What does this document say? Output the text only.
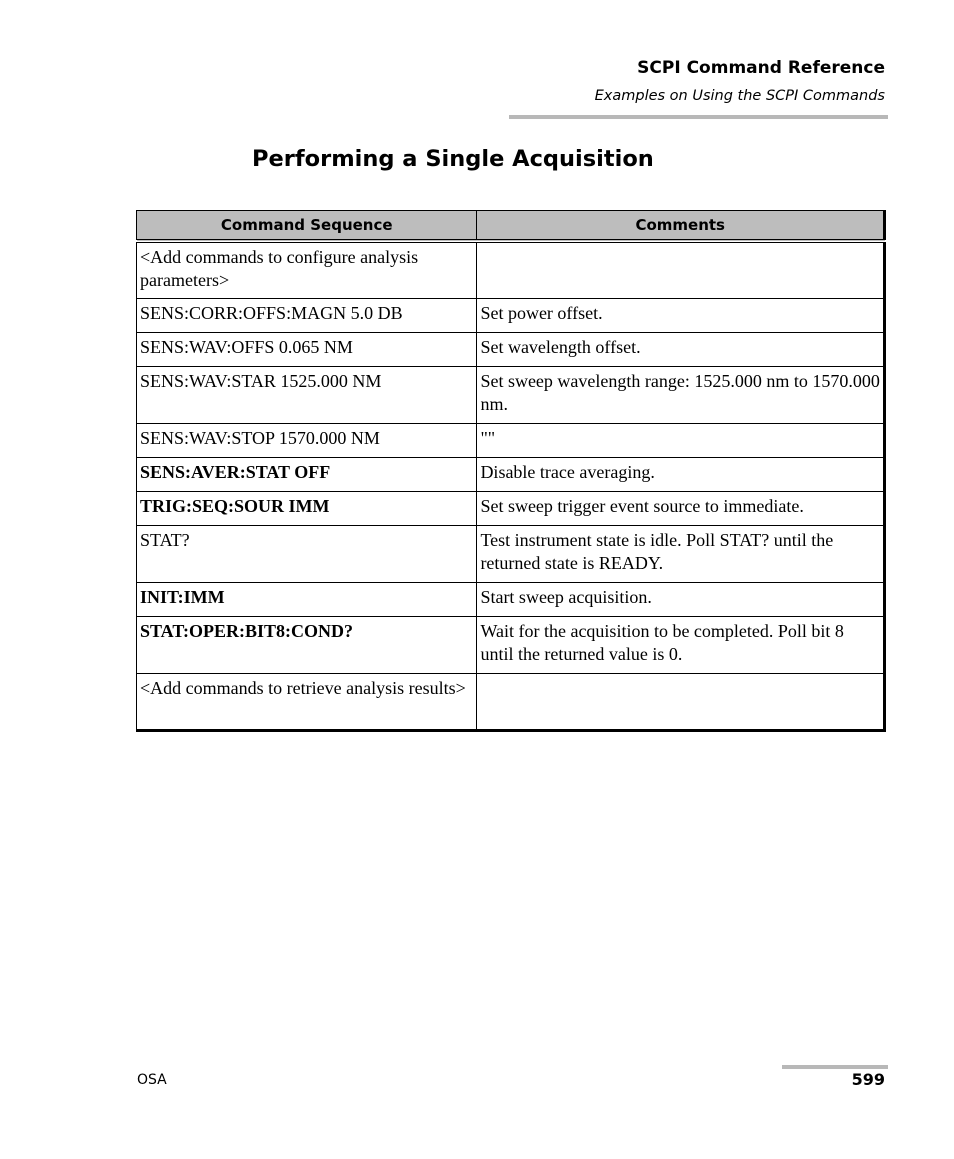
SCPI Command Reference
Examples on Using the SCPI Commands
Performing a Single Acquisition
Command Sequence	Comments
<Add commands to configure analysis parameters>	
SENS:CORR:OFFS:MAGN 5.0 DB	Set power offset.
SENS:WAV:OFFS 0.065 NM	Set wavelength offset.
SENS:WAV:STAR 1525.000 NM	Set sweep wavelength range: 1525.000 nm to 1570.000 nm.
SENS:WAV:STOP 1570.000 NM	""
SENS:AVER:STAT OFF	Disable trace averaging.
TRIG:SEQ:SOUR IMM	Set sweep trigger event source to immediate.
STAT?	Test instrument state is idle. Poll STAT? until the returned state is READY.
INIT:IMM	Start sweep acquisition.
STAT:OPER:BIT8:COND?	Wait for the acquisition to be completed. Poll bit 8 until the returned value is 0.
<Add commands to retrieve analysis results>	
OSA	599
